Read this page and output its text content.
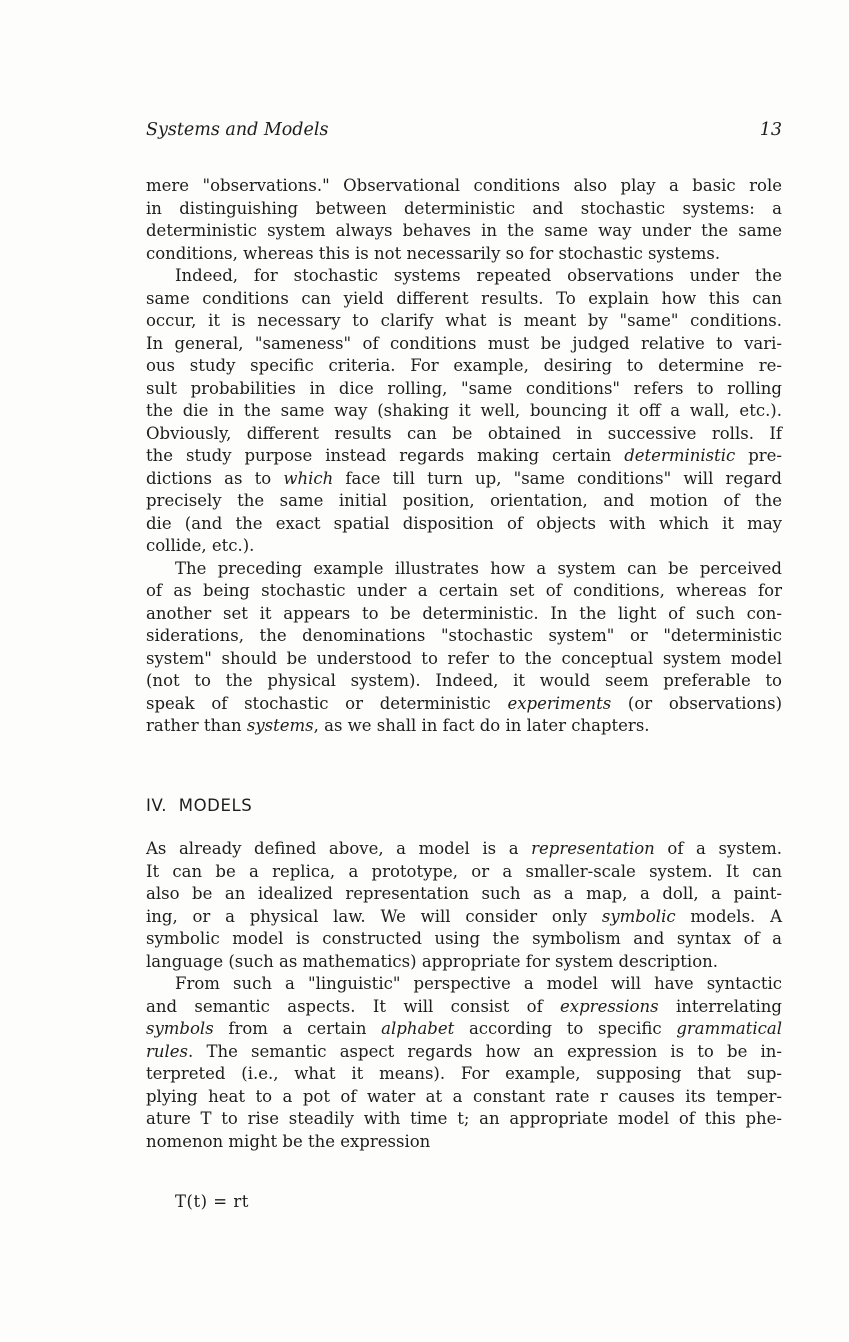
Systems and Models	13
mere "observations." Observational conditions also play a basic role
in distinguishing between deterministic and stochastic systems: a
deterministic system always behaves in the same way under the same
conditions, whereas this is not necessarily so for stochastic systems.
Indeed, for stochastic systems repeated observations under the
same conditions can yield different results. To explain how this can
occur, it is necessary to clarify what is meant by "same" conditions.
In general, "sameness" of conditions must be judged relative to vari-
ous study specific criteria. For example, desiring to determine re-
sult probabilities in dice rolling, "same conditions" refers to rolling
the die in the same way (shaking it well, bouncing it off a wall, etc.).
Obviously, different results can be obtained in successive rolls. If
the study purpose instead regards making certain deterministic pre-
dictions as to which face till turn up, "same conditions" will regard
precisely the same initial position, orientation, and motion of the
die (and the exact spatial disposition of objects with which it may
collide, etc.).
The preceding example illustrates how a system can be perceived
of as being stochastic under a certain set of conditions, whereas for
another set it appears to be deterministic. In the light of such con-
siderations, the denominations "stochastic system" or "deterministic
system" should be understood to refer to the conceptual system model
(not to the physical system). Indeed, it would seem preferable to
speak of stochastic or deterministic experiments (or observations)
rather than systems, as we shall in fact do in later chapters.
IV.  MODELS
As already defined above, a model is a representation of a system.
It can be a replica, a prototype, or a smaller-scale system. It can
also be an idealized representation such as a map, a doll, a paint-
ing, or a physical law. We will consider only symbolic models. A
symbolic model is constructed using the symbolism and syntax of a
language (such as mathematics) appropriate for system description.
From such a "linguistic" perspective a model will have syntactic
and semantic aspects. It will consist of expressions interrelating
symbols from a certain alphabet according to specific grammatical
rules. The semantic aspect regards how an expression is to be in-
terpreted (i.e., what it means). For example, supposing that sup-
plying heat to a pot of water at a constant rate r causes its temper-
ature T to rise steadily with time t; an appropriate model of this phe-
nomenon might be the expression
T(t) = rt
